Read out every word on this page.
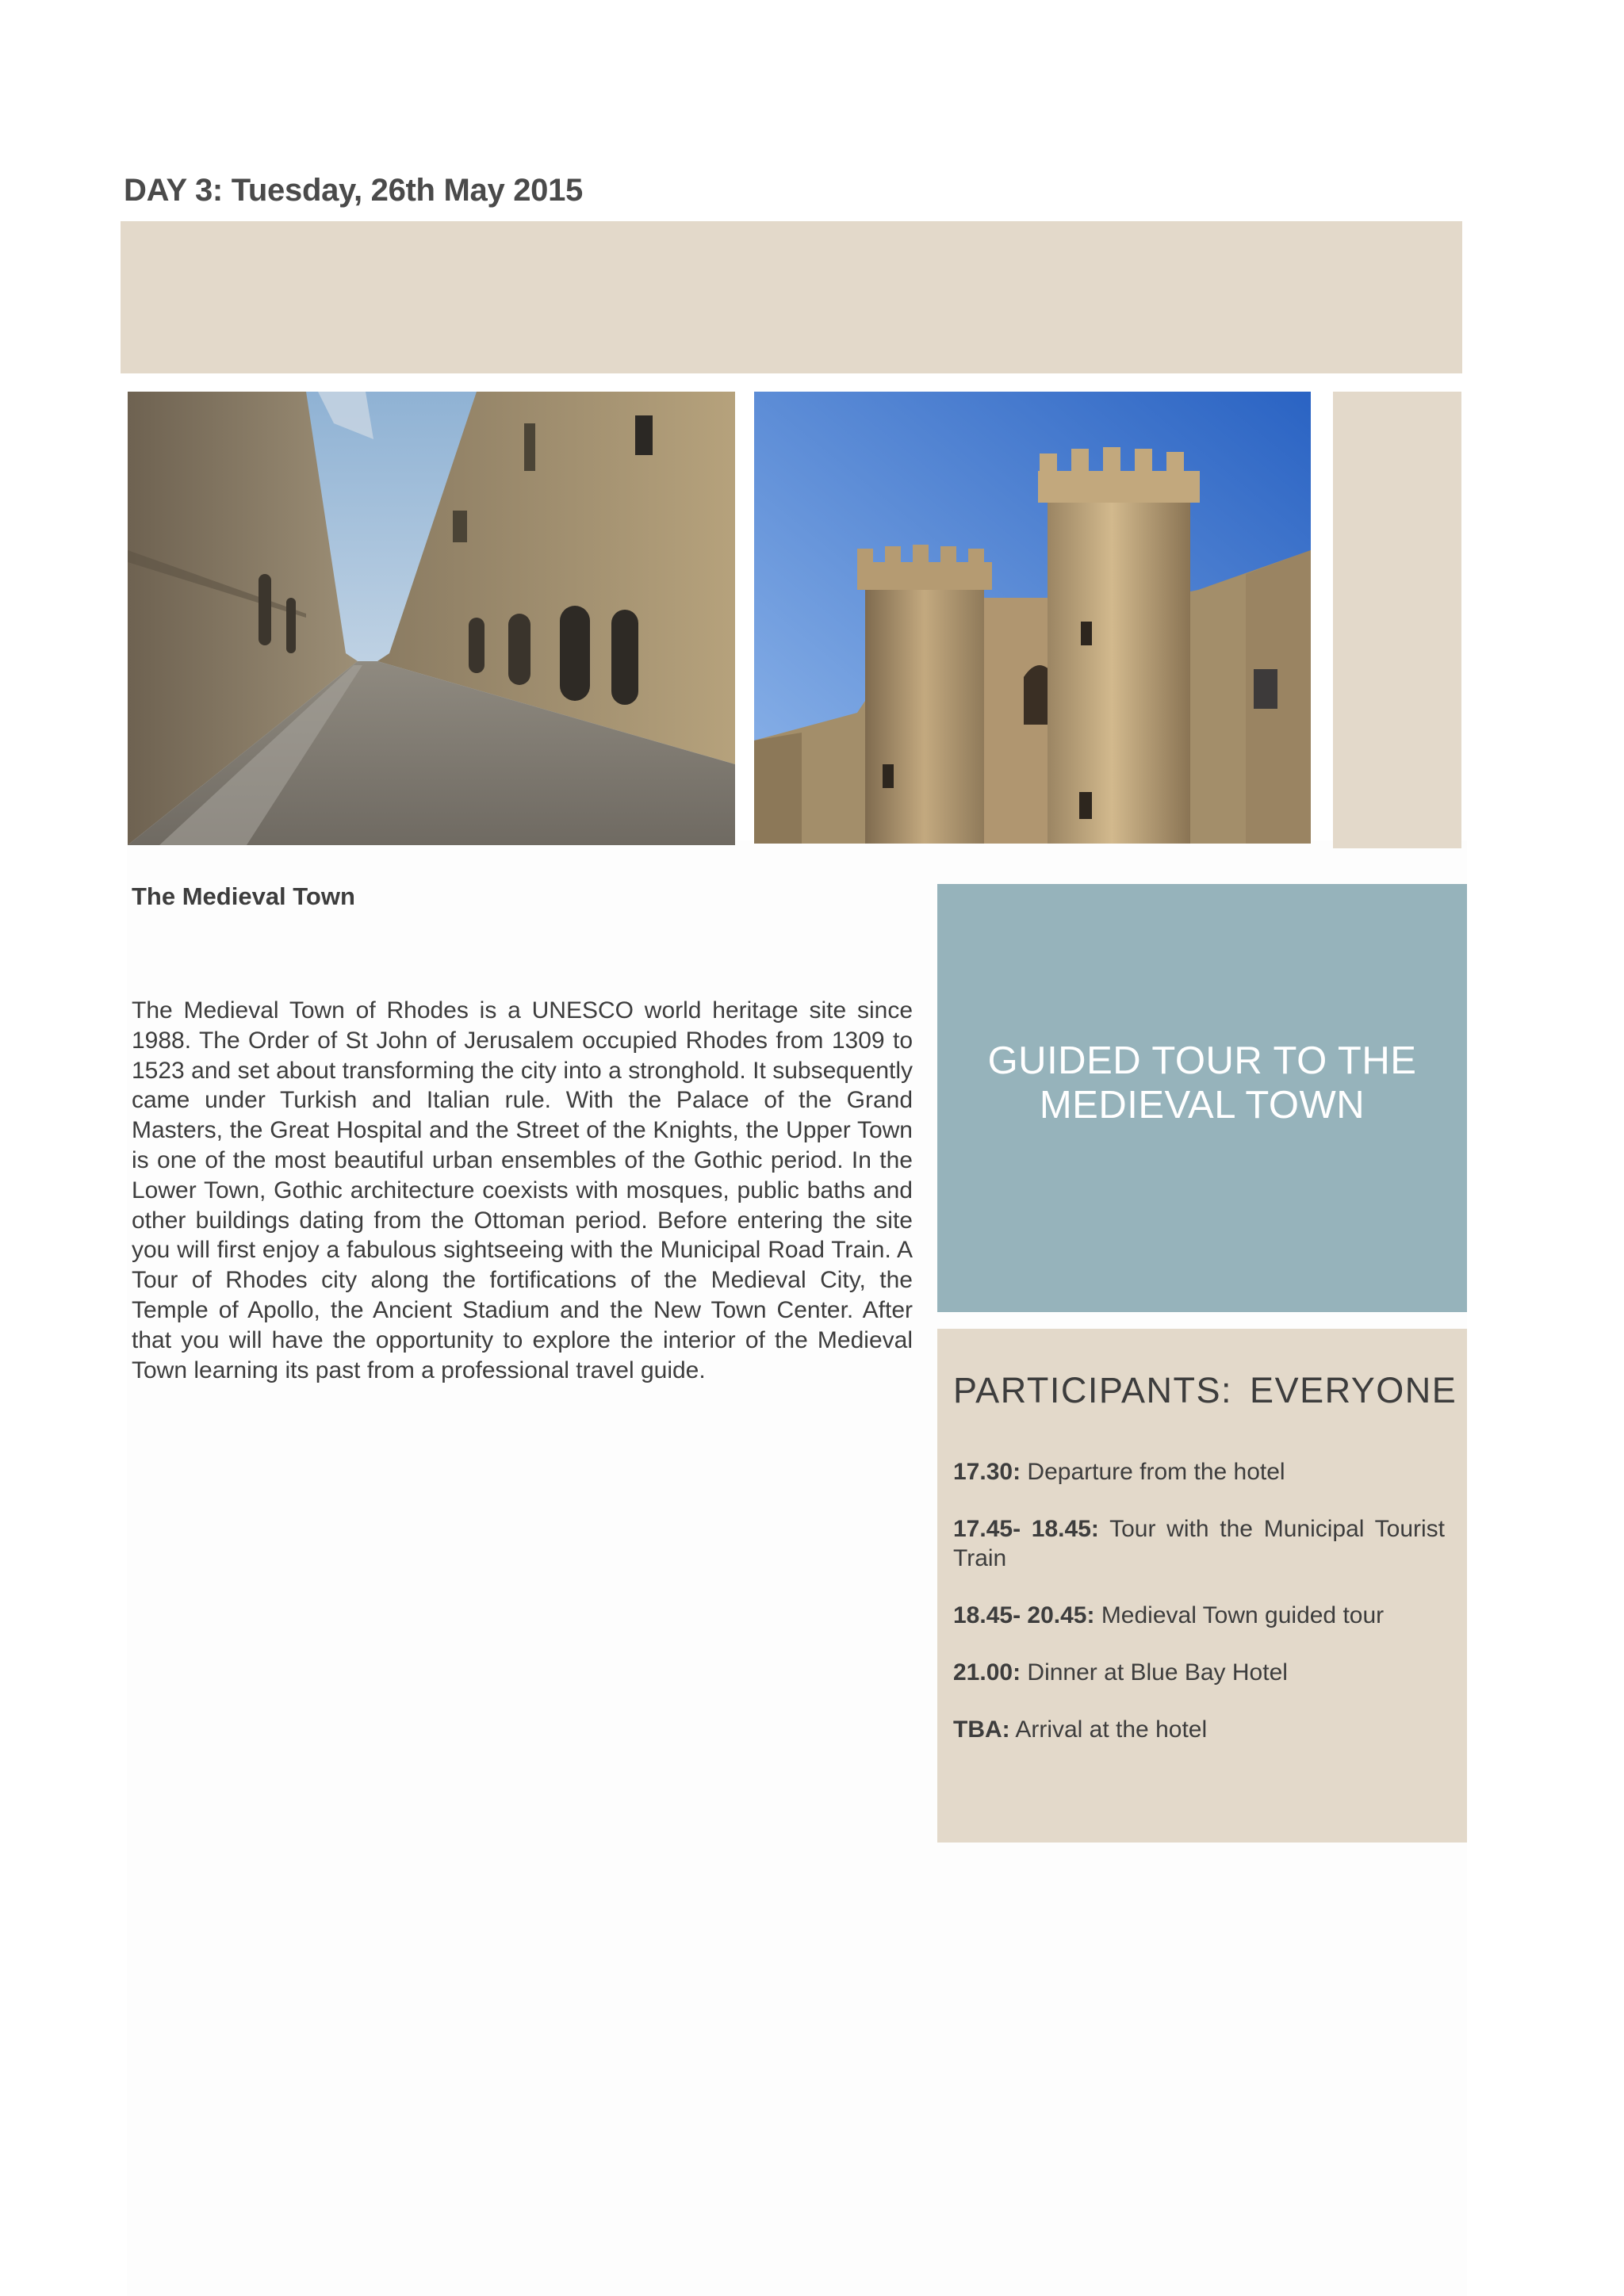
DAY 3: Tuesday, 26th May 2015
The Medieval Town

The Medieval Town of Rhodes is a UNESCO world heritage site since 1988. The Order of St John of Jerusalem occupied Rhodes from 1309 to 1523 and set about transforming the city into a stronghold. It subsequently came under Turkish and Italian rule. With the Palace of the Grand Masters, the Great Hospital and the Street of the Knights, the Upper Town is one of the most beautiful urban ensembles of the Gothic period. In the Lower Town, Gothic architecture coexists with mosques, public baths and other buildings dating from the Ottoman period. Before entering the site you will first enjoy a fabulous sightseeing with the Municipal Road Train. A Tour of Rhodes city along the fortifications of the Medieval City, the Temple of Apollo, the Ancient Stadium and the New Town Center. After that you will have the opportunity to explore the interior of the Medieval Town learning its past from a professional travel guide.

GUIDED TOUR TO THE MEDIEVAL TOWN
PARTICIPANTS: EVERYONE
17.30: Departure from the hotel
17.45- 18.45: Tour with the Municipal Tourist Train
18.45- 20.45: Medieval Town guided tour
21.00: Dinner at Blue Bay Hotel
TBA: Arrival at the hotel
